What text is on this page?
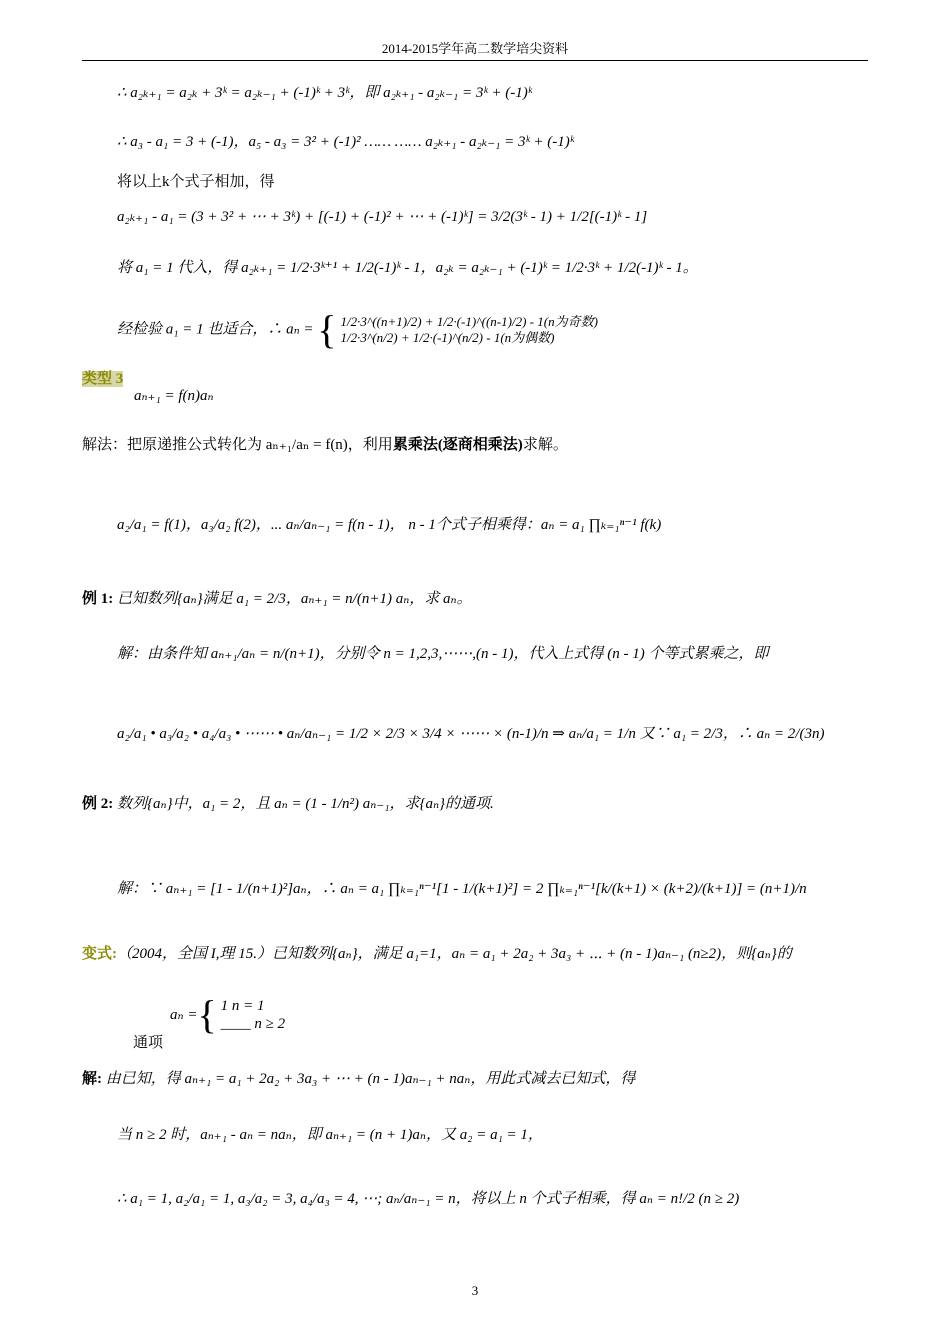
2014-2015学年高二数学培尖资料
∴ a₂ₖ₊₁ = a₂ₖ + 3ᵏ = a₂ₖ₋₁ + (-1)ᵏ + 3ᵏ，即 a₂ₖ₊₁ - a₂ₖ₋₁ = 3ᵏ + (-1)ᵏ
∴ a₃ - a₁ = 3 + (-1)，a₅ - a₃ = 3² + (-1)² …… …… a₂ₖ₊₁ - a₂ₖ₋₁ = 3ᵏ + (-1)ᵏ
将以上k个式子相加，得
a₂ₖ₊₁ - a₁ = (3 + 3² + ⋯ + 3ᵏ) + [(-1) + (-1)² + ⋯ + (-1)ᵏ] = 3/2(3ᵏ - 1) + 1/2[(-1)ᵏ - 1]
将 a₁ = 1 代入，得 a₂ₖ₊₁ = 1/2·3ᵏ⁺¹ + 1/2(-1)ᵏ - 1，a₂ₖ = a₂ₖ₋₁ + (-1)ᵏ = 1/2·3ᵏ + 1/2(-1)ᵏ - 1。
经检验 a₁ = 1 也适合，∴ aₙ = { 1/2·3^((n+1)/2) + 1/2·(-1)^((n-1)/2) - 1(n为奇数)
1/2·3^(n/2) + 1/2·(-1)^(n/2) - 1(n为偶数)
类型 3
aₙ₊₁ = f(n)aₙ
解法：把原递推公式转化为 aₙ₊₁/aₙ = f(n)，利用累乘法(逐商相乘法)求解。
a₂/a₁ = f(1)，a₃/a₂ f(2)，... aₙ/aₙ₋₁ = f(n - 1)， n - 1个式子相乘得：aₙ = a₁ ∏ₖ₌₁ⁿ⁻¹ f(k)
例 1: 已知数列{aₙ}满足 a₁ = 2/3，aₙ₊₁ = n/(n+1) aₙ，求 aₙ。
解：由条件知 aₙ₊₁/aₙ = n/(n+1)，分别令 n = 1,2,3,⋯⋯,(n - 1)，代入上式得 (n - 1) 个等式累乘之，即
a₂/a₁ • a₃/a₂ • a₄/a₃ • ⋯⋯ • aₙ/aₙ₋₁ = 1/2 × 2/3 × 3/4 × ⋯⋯ × (n-1)/n ⇒ aₙ/a₁ = 1/n 又∵ a₁ = 2/3，∴ aₙ = 2/(3n)
例 2: 数列{aₙ}中，a₁ = 2，且 aₙ = (1 - 1/n²) aₙ₋₁，求{aₙ}的通项.
解：∵ aₙ₊₁ = [1 - 1/(n+1)²]aₙ，∴ aₙ = a₁ ∏ₖ₌₁ⁿ⁻¹[1 - 1/(k+1)²] = 2 ∏ₖ₌₁ⁿ⁻¹[k/(k+1) × (k+2)/(k+1)] = (n+1)/n
变式:（2004，全国 I,理 15.）已知数列{aₙ}，满足 a₁=1，aₙ = a₁ + 2a₂ + 3a₃ + ⋯ + (n - 1)aₙ₋₁ (n≥2)，则{aₙ}的
aₙ = { 1 n = 1
____ n ≥ 2
通项
解: 由已知，得 aₙ₊₁ = a₁ + 2a₂ + 3a₃ + ⋯ + (n - 1)aₙ₋₁ + naₙ，用此式减去已知式，得
当 n ≥ 2 时，aₙ₊₁ - aₙ = naₙ，即 aₙ₊₁ = (n + 1)aₙ，又 a₂ = a₁ = 1，
∴ a₁ = 1, a₂/a₁ = 1, a₃/a₂ = 3, a₄/a₃ = 4, ⋯; aₙ/aₙ₋₁ = n，将以上 n 个式子相乘，得 aₙ = n!/2 (n ≥ 2)
3
